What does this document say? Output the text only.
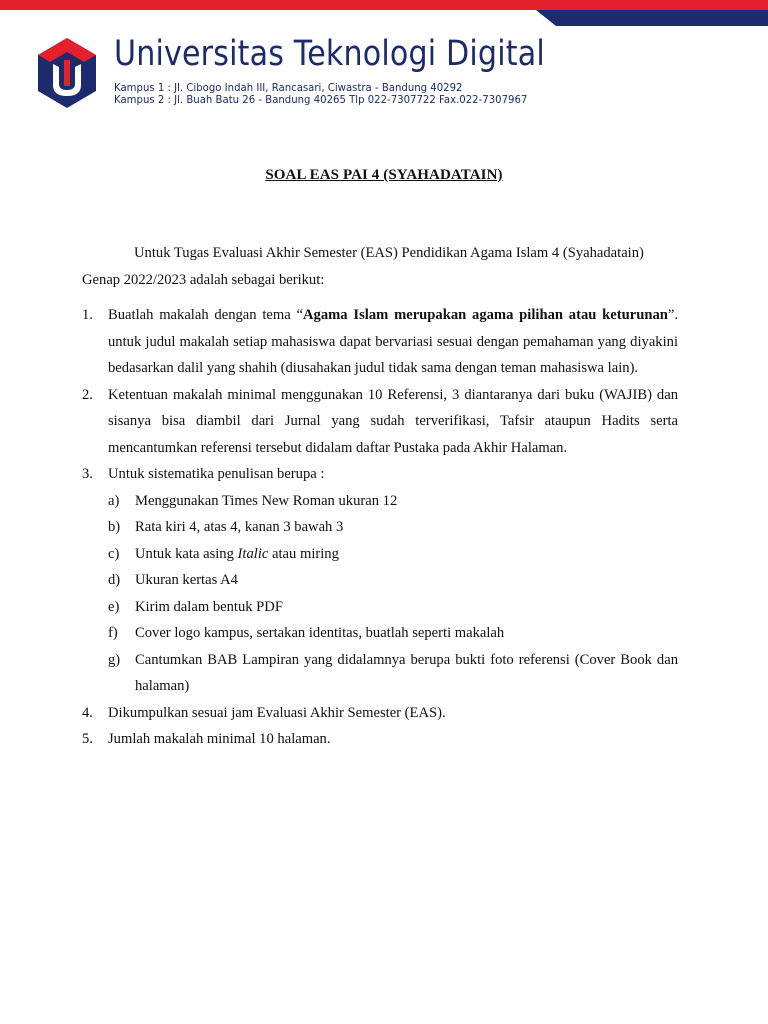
Universitas Teknologi Digital
Kampus 1 : Jl. Cibogo Indah III, Rancasari, Ciwastra - Bandung 40292
Kampus 2 : Jl. Buah Batu 26 - Bandung 40265 Tlp 022-7307722 Fax.022-7307967
SOAL EAS PAI 4 (SYAHADATAIN)

Untuk Tugas Evaluasi Akhir Semester (EAS) Pendidikan Agama Islam 4 (Syahadatain)

Genap 2022/2023 adalah sebagai berikut:

1. Buatlah makalah dengan tema “Agama Islam merupakan agama pilihan atau keturunan”. untuk judul makalah setiap mahasiswa dapat bervariasi sesuai dengan pemahaman yang diyakini bedasarkan dalil yang shahih (diusahakan judul tidak sama dengan teman mahasiswa lain).
2. Ketentuan makalah minimal menggunakan 10 Referensi, 3 diantaranya dari buku (WAJIB) dan sisanya bisa diambil dari Jurnal yang sudah terverifikasi, Tafsir ataupun Hadits serta mencantumkan referensi tersebut didalam daftar Pustaka pada Akhir Halaman.
3. Untuk sistematika penulisan berupa :
a) Menggunakan Times New Roman ukuran 12
b) Rata kiri 4, atas 4, kanan 3 bawah 3
c) Untuk kata asing Italic atau miring
d) Ukuran kertas A4
e) Kirim dalam bentuk PDF
f) Cover logo kampus, sertakan identitas, buatlah seperti makalah
g) Cantumkan BAB Lampiran yang didalamnya berupa bukti foto referensi (Cover Book dan halaman)
4. Dikumpulkan sesuai jam Evaluasi Akhir Semester (EAS).
5. Jumlah makalah minimal 10 halaman.
